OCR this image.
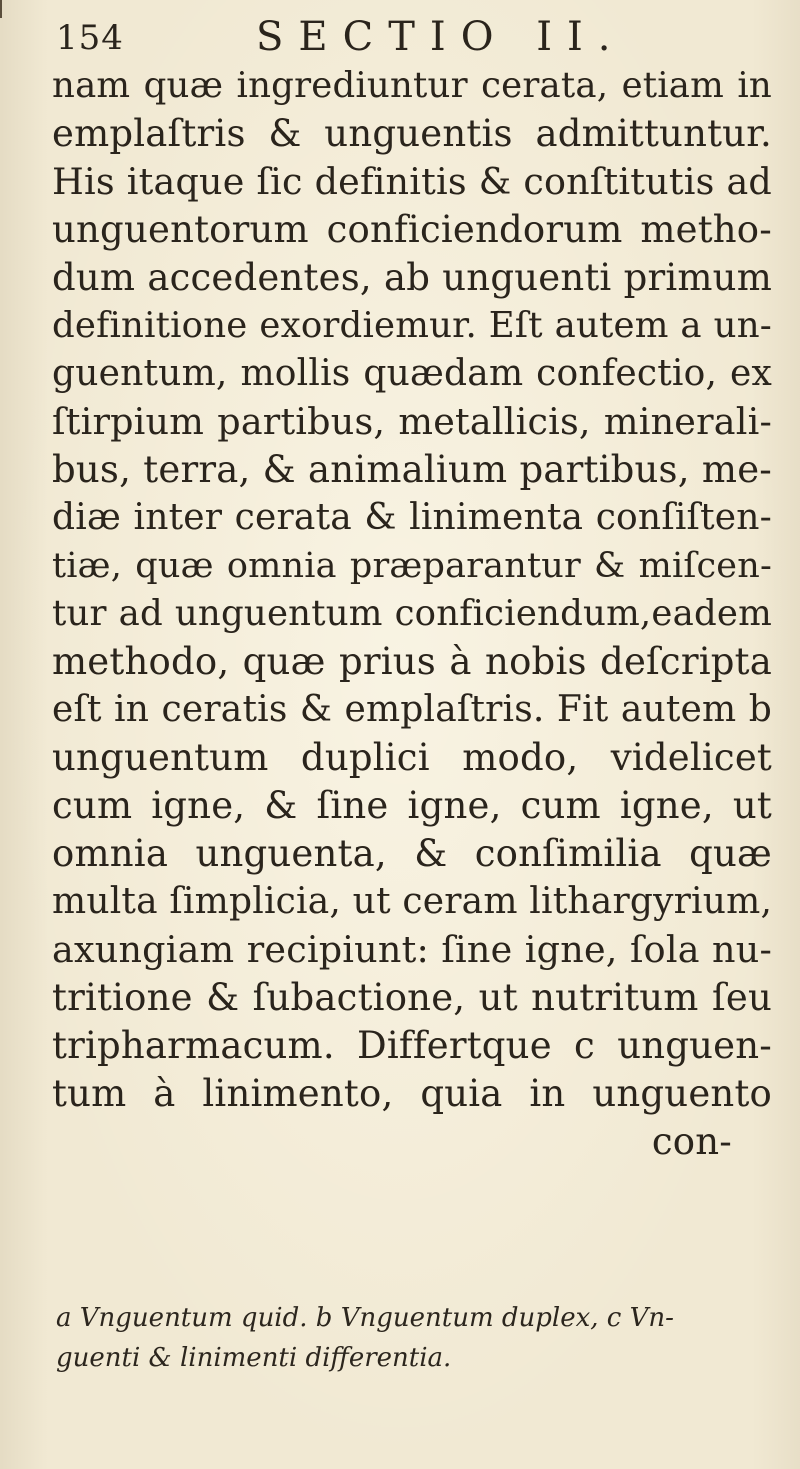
154	SECTIO II.
nam quæ ingrediuntur cerata, etiam in
emplaſtris & unguentis admittuntur.
His itaque ſic definitis & conſtitutis ad
unguentorum conficiendorum metho-
dum accedentes, ab unguenti primum
definitione exordiemur. Eſt autem a un-
guentum, mollis quædam confectio, ex
ſtirpium partibus, metallicis, minerali-
bus, terra, & animalium partibus, me-
diæ inter cerata & linimenta conſiſten-
tiæ, quæ omnia præparantur & miſcen-
tur ad unguentum conficiendum,eadem
methodo, quæ prius à nobis deſcripta
eſt in ceratis & emplaſtris. Fit autem b
unguentum duplici modo, videlicet
cum igne, & ſine igne, cum igne, ut
omnia unguenta, & conſimilia quæ
multa ſimplicia, ut ceram lithargyrium,
axungiam recipiunt: ſine igne, ſola nu-
tritione & ſubactione, ut nutritum ſeu
tripharmacum. Differtque c unguen-
tum à linimento, quia in unguento
con-
a Vnguentum quid. b Vnguentum duplex, c Vn-
guenti & linimenti differentia.
